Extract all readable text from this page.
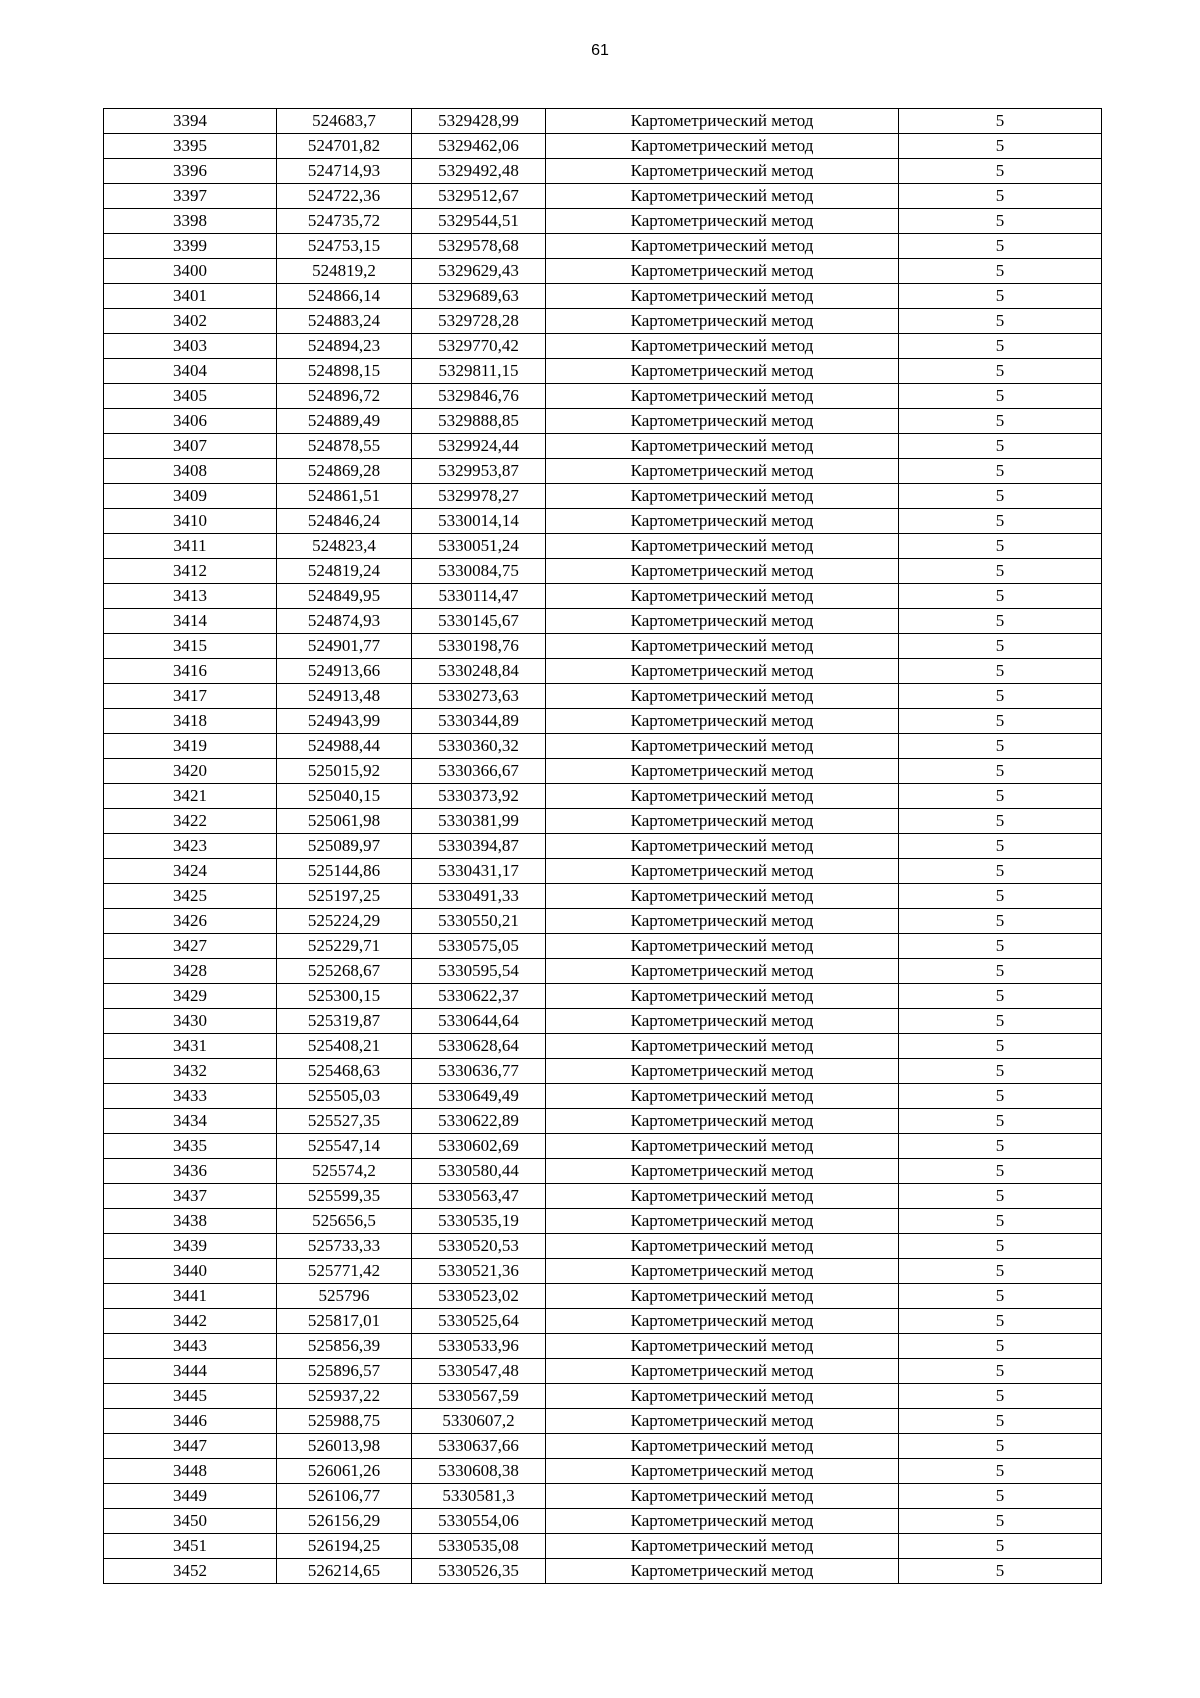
61
3394	524683,7	5329428,99	Картометрический метод	5
3395	524701,82	5329462,06	Картометрический метод	5
3396	524714,93	5329492,48	Картометрический метод	5
3397	524722,36	5329512,67	Картометрический метод	5
3398	524735,72	5329544,51	Картометрический метод	5
3399	524753,15	5329578,68	Картометрический метод	5
3400	524819,2	5329629,43	Картометрический метод	5
3401	524866,14	5329689,63	Картометрический метод	5
3402	524883,24	5329728,28	Картометрический метод	5
3403	524894,23	5329770,42	Картометрический метод	5
3404	524898,15	5329811,15	Картометрический метод	5
3405	524896,72	5329846,76	Картометрический метод	5
3406	524889,49	5329888,85	Картометрический метод	5
3407	524878,55	5329924,44	Картометрический метод	5
3408	524869,28	5329953,87	Картометрический метод	5
3409	524861,51	5329978,27	Картометрический метод	5
3410	524846,24	5330014,14	Картометрический метод	5
3411	524823,4	5330051,24	Картометрический метод	5
3412	524819,24	5330084,75	Картометрический метод	5
3413	524849,95	5330114,47	Картометрический метод	5
3414	524874,93	5330145,67	Картометрический метод	5
3415	524901,77	5330198,76	Картометрический метод	5
3416	524913,66	5330248,84	Картометрический метод	5
3417	524913,48	5330273,63	Картометрический метод	5
3418	524943,99	5330344,89	Картометрический метод	5
3419	524988,44	5330360,32	Картометрический метод	5
3420	525015,92	5330366,67	Картометрический метод	5
3421	525040,15	5330373,92	Картометрический метод	5
3422	525061,98	5330381,99	Картометрический метод	5
3423	525089,97	5330394,87	Картометрический метод	5
3424	525144,86	5330431,17	Картометрический метод	5
3425	525197,25	5330491,33	Картометрический метод	5
3426	525224,29	5330550,21	Картометрический метод	5
3427	525229,71	5330575,05	Картометрический метод	5
3428	525268,67	5330595,54	Картометрический метод	5
3429	525300,15	5330622,37	Картометрический метод	5
3430	525319,87	5330644,64	Картометрический метод	5
3431	525408,21	5330628,64	Картометрический метод	5
3432	525468,63	5330636,77	Картометрический метод	5
3433	525505,03	5330649,49	Картометрический метод	5
3434	525527,35	5330622,89	Картометрический метод	5
3435	525547,14	5330602,69	Картометрический метод	5
3436	525574,2	5330580,44	Картометрический метод	5
3437	525599,35	5330563,47	Картометрический метод	5
3438	525656,5	5330535,19	Картометрический метод	5
3439	525733,33	5330520,53	Картометрический метод	5
3440	525771,42	5330521,36	Картометрический метод	5
3441	525796	5330523,02	Картометрический метод	5
3442	525817,01	5330525,64	Картометрический метод	5
3443	525856,39	5330533,96	Картометрический метод	5
3444	525896,57	5330547,48	Картометрический метод	5
3445	525937,22	5330567,59	Картометрический метод	5
3446	525988,75	5330607,2	Картометрический метод	5
3447	526013,98	5330637,66	Картометрический метод	5
3448	526061,26	5330608,38	Картометрический метод	5
3449	526106,77	5330581,3	Картометрический метод	5
3450	526156,29	5330554,06	Картометрический метод	5
3451	526194,25	5330535,08	Картометрический метод	5
3452	526214,65	5330526,35	Картометрический метод	5
